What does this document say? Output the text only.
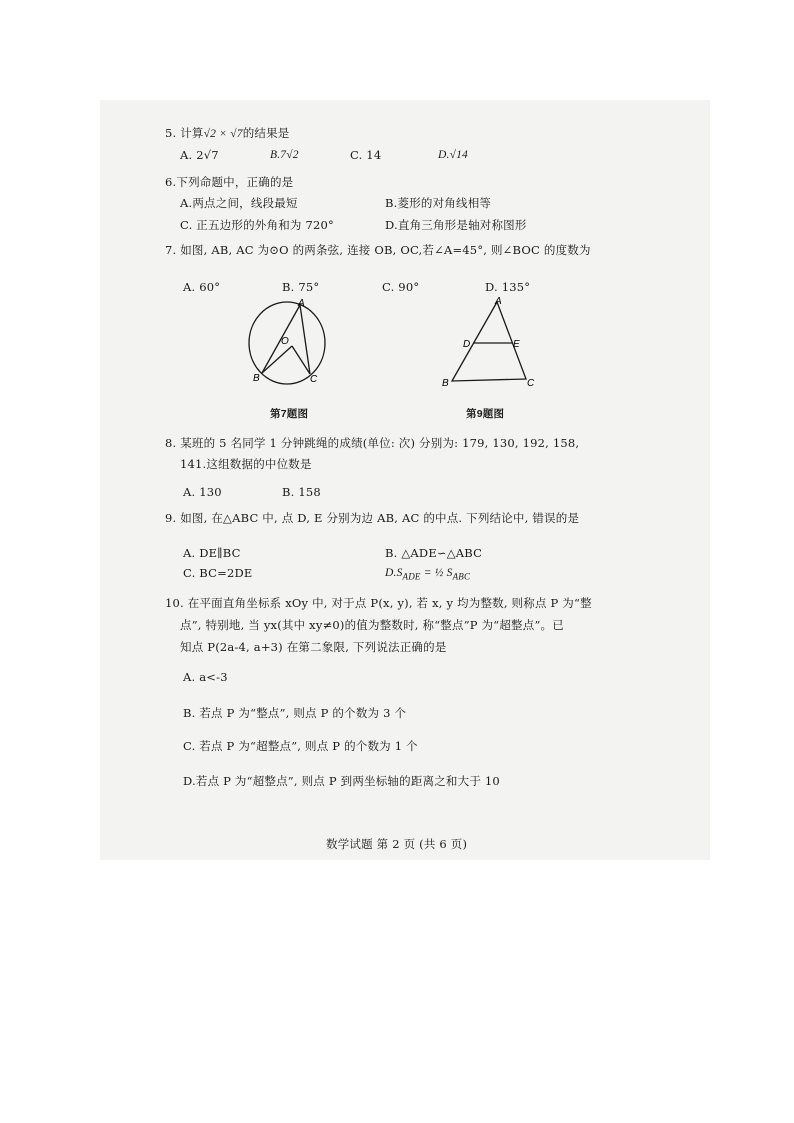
5. 计算√2 × √7的结果是
A. 2√7	B.7√2	C. 14	D.√14
6.下列命题中，正确的是
A.两点之间，线段最短	B.菱形的对角线相等
C. 正五边形的外角和为 720°	D.直角三角形是轴对称图形
7. 如图, AB, AC 为⊙O 的两条弦, 连接 OB, OC,若∠A=45°, 则∠BOC 的度数为
A. 60°	B. 75°	C. 90°	D. 135°
A
O
B	C
第7题图
A
D	E
B	C
第9题图
8. 某班的 5 名同学 1 分钟跳绳的成绩(单位: 次) 分别为: 179, 130, 192, 158,
141.这组数据的中位数是
A. 130	B. 158
9. 如图, 在△ABC 中, 点 D, E 分别为边 AB, AC 的中点. 下列结论中, 错误的是
A. DE∥BC	B. △ADE∽△ABC
C. BC=2DE	$D.S_{ADE}$ = ½ $S_{ABC}$
10. 在平面直角坐标系 xOy 中, 对于点 P(x, y), 若 x, y 均为整数, 则称点 P 为“整
点”, 特别地, 当 yx(其中 xy≠0)的值为整数时, 称“整点”P 为“超整点”。已
知点 P(2a-4, a+3) 在第二象限, 下列说法正确的是
A. a<-3
B. 若点 P 为“整点”, 则点 P 的个数为 3 个
C. 若点 P 为“超整点”, 则点 P 的个数为 1 个
D.若点 P 为“超整点”, 则点 P 到两坐标轴的距离之和大于 10
数学试题 第 2 页 (共 6 页)
